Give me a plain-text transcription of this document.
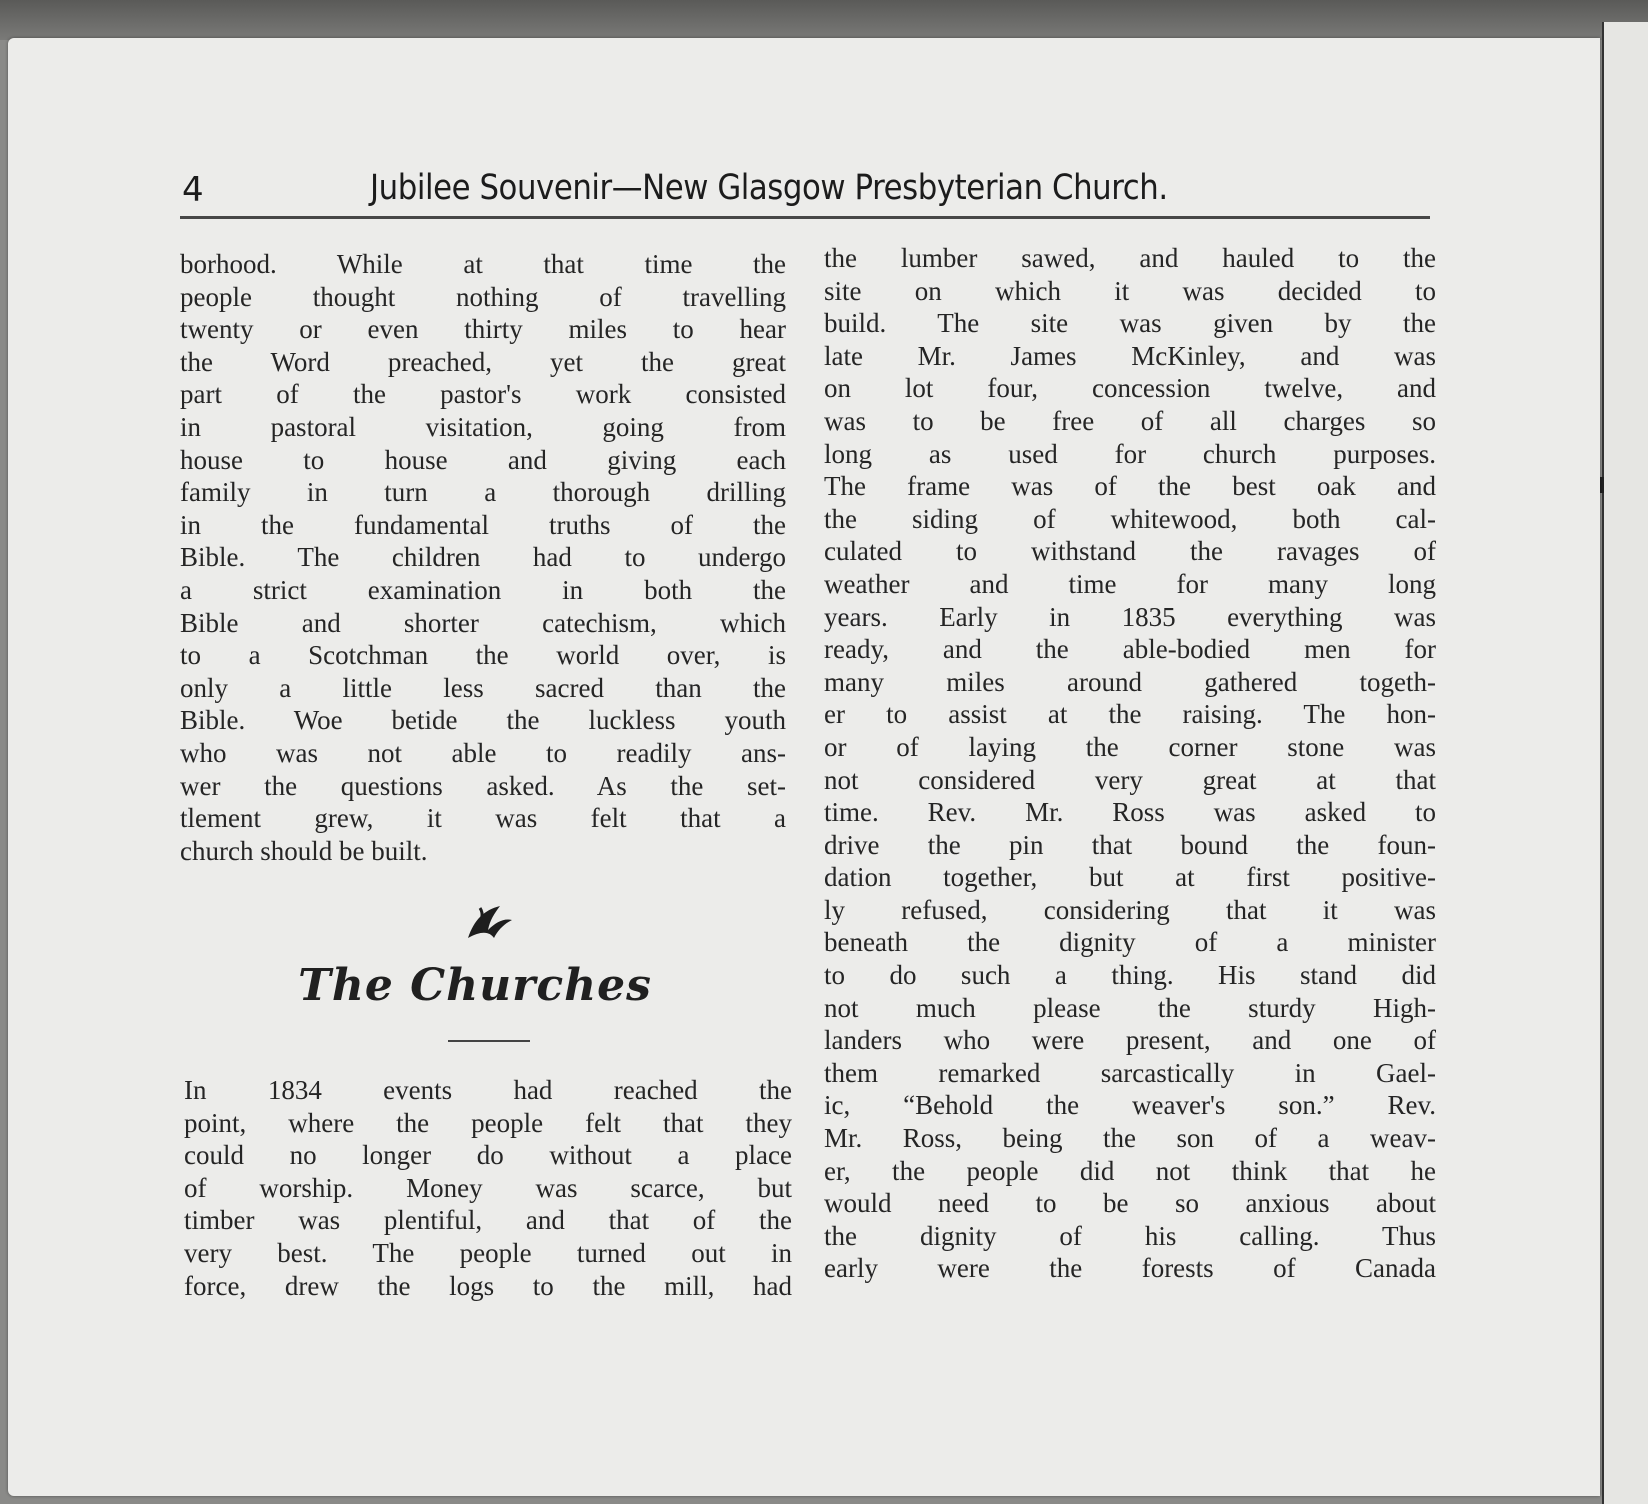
4	Jubilee Souvenir—New Glasgow Presbyterian Church.
borhood. While at that time the
people thought nothing of travelling
twenty or even thirty miles to hear
the Word preached, yet the great
part of the pastor's work consisted
in pastoral visitation, going from
house to house and giving each
family in turn a thorough drilling
in the fundamental truths of the
Bible. The children had to undergo
a strict examination in both the
Bible and shorter catechism, which
to a Scotchman the world over, is
only a little less sacred than the
Bible. Woe betide the luckless youth
who was not able to readily ans-
wer the questions asked. As the set-
tlement grew, it was felt that a
church should be built.
The Churches
In 1834 events had reached the
point, where the people felt that they
could no longer do without a place
of worship. Money was scarce, but
timber was plentiful, and that of the
very best. The people turned out in
force, drew the logs to the mill, had
the lumber sawed, and hauled to the
site on which it was decided to
build. The site was given by the
late Mr. James McKinley, and was
on lot four, concession twelve, and
was to be free of all charges so
long as used for church purposes.
The frame was of the best oak and
the siding of whitewood, both cal-
culated to withstand the ravages of
weather and time for many long
years. Early in 1835 everything was
ready, and the able-bodied men for
many miles around gathered togeth-
er to assist at the raising. The hon-
or of laying the corner stone was
not considered very great at that
time. Rev. Mr. Ross was asked to
drive the pin that bound the foun-
dation together, but at first positive-
ly refused, considering that it was
beneath the dignity of a minister
to do such a thing. His stand did
not much please the sturdy High-
landers who were present, and one of
them remarked sarcastically in Gael-
ic, “Behold the weaver's son.” Rev.
Mr. Ross, being the son of a weav-
er, the people did not think that he
would need to be so anxious about
the dignity of his calling. Thus
early were the forests of Canada
